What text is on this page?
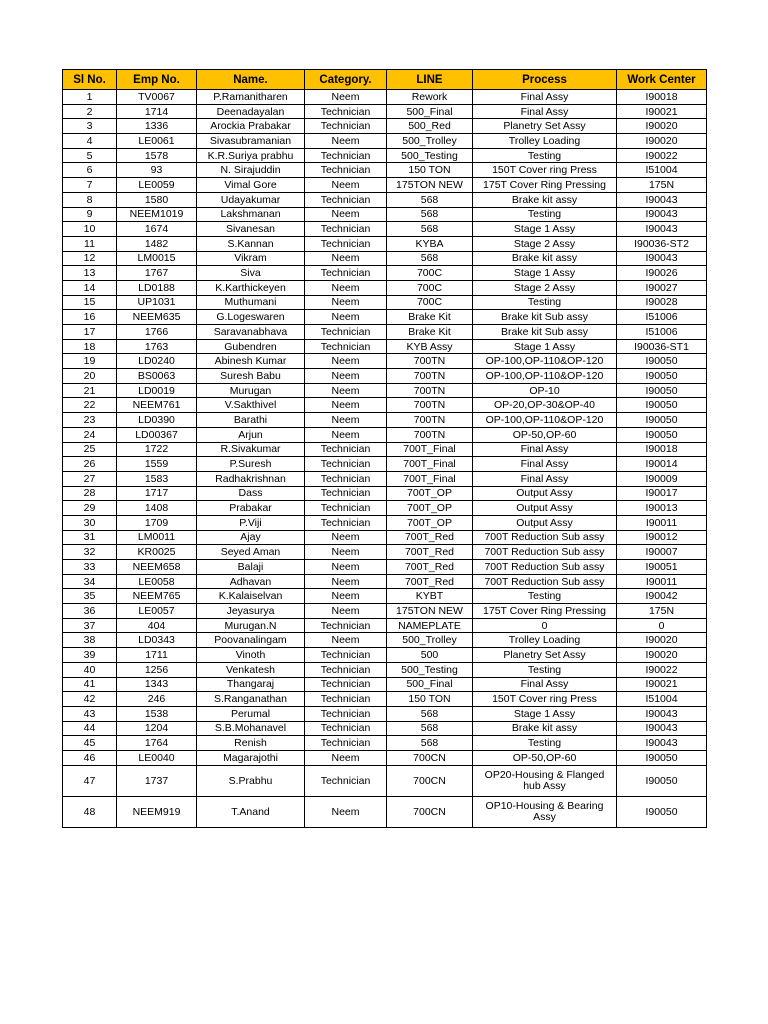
Sl No.	Emp No.	Name.	Category.	LINE	Process	Work Center
1	TV0067	P.Ramanitharen	Neem	Rework	Final Assy	I90018
2	1714	Deenadayalan	Technician	500_Final	Final Assy	I90021
3	1336	Arockia Prabakar	Technician	500_Red	Planetry Set Assy	I90020
4	LE0061	Sivasubramanian	Neem	500_Trolley	Trolley Loading	I90020
5	1578	K.R.Suriya prabhu	Technician	500_Testing	Testing	I90022
6	93	N. Sirajuddin	Technician	150 TON	150T Cover ring Press	I51004
7	LE0059	Vimal Gore	Neem	175TON NEW	175T Cover Ring Pressing	175N
8	1580	Udayakumar	Technician	568	Brake kit assy	I90043
9	NEEM1019	Lakshmanan	Neem	568	Testing	I90043
10	1674	Sivanesan	Technician	568	Stage 1 Assy	I90043
11	1482	S.Kannan	Technician	KYBA	Stage 2 Assy	I90036-ST2
12	LM0015	Vikram	Neem	568	Brake kit assy	I90043
13	1767	Siva	Technician	700C	Stage 1 Assy	I90026
14	LD0188	K.Karthickeyen	Neem	700C	Stage 2 Assy	I90027
15	UP1031	Muthumani	Neem	700C	Testing	I90028
16	NEEM635	G.Logeswaren	Neem	Brake Kit	Brake kit Sub assy	I51006
17	1766	Saravanabhava	Technician	Brake Kit	Brake kit Sub assy	I51006
18	1763	Gubendren	Technician	KYB Assy	Stage 1 Assy	I90036-ST1
19	LD0240	Abinesh Kumar	Neem	700TN	OP-100,OP-110&OP-120	I90050
20	BS0063	Suresh Babu	Neem	700TN	OP-100,OP-110&OP-120	I90050
21	LD0019	Murugan	Neem	700TN	OP-10	I90050
22	NEEM761	V.Sakthivel	Neem	700TN	OP-20,OP-30&OP-40	I90050
23	LD0390	Barathi	Neem	700TN	OP-100,OP-110&OP-120	I90050
24	LD00367	Arjun	Neem	700TN	OP-50,OP-60	I90050
25	1722	R.Sivakumar	Technician	700T_Final	Final Assy	I90018
26	1559	P.Suresh	Technician	700T_Final	Final Assy	I90014
27	1583	Radhakrishnan	Technician	700T_Final	Final Assy	I90009
28	1717	Dass	Technician	700T_OP	Output Assy	I90017
29	1408	Prabakar	Technician	700T_OP	Output Assy	I90013
30	1709	P.Viji	Technician	700T_OP	Output Assy	I90011
31	LM0011	Ajay	Neem	700T_Red	700T Reduction Sub assy	I90012
32	KR0025	Seyed Aman	Neem	700T_Red	700T Reduction Sub assy	I90007
33	NEEM658	Balaji	Neem	700T_Red	700T Reduction Sub assy	I90051
34	LE0058	Adhavan	Neem	700T_Red	700T Reduction Sub assy	I90011
35	NEEM765	K.Kalaiselvan	Neem	KYBT	Testing	I90042
36	LE0057	Jeyasurya	Neem	175TON NEW	175T Cover Ring Pressing	175N
37	404	Murugan.N	Technician	NAMEPLATE	0	0
38	LD0343	Poovanalingam	Neem	500_Trolley	Trolley Loading	I90020
39	1711	Vinoth	Technician	500	Planetry Set Assy	I90020
40	1256	Venkatesh	Technician	500_Testing	Testing	I90022
41	1343	Thangaraj	Technician	500_Final	Final Assy	I90021
42	246	S.Ranganathan	Technician	150 TON	150T Cover ring Press	I51004
43	1538	Perumal	Technician	568	Stage 1 Assy	I90043
44	1204	S.B.Mohanavel	Technician	568	Brake kit assy	I90043
45	1764	Renish	Technician	568	Testing	I90043
46	LE0040	Magarajothi	Neem	700CN	OP-50,OP-60	I90050
47	1737	S.Prabhu	Technician	700CN	OP20-Housing & Flanged hub Assy	I90050
48	NEEM919	T.Anand	Neem	700CN	OP10-Housing & Bearing Assy	I90050
